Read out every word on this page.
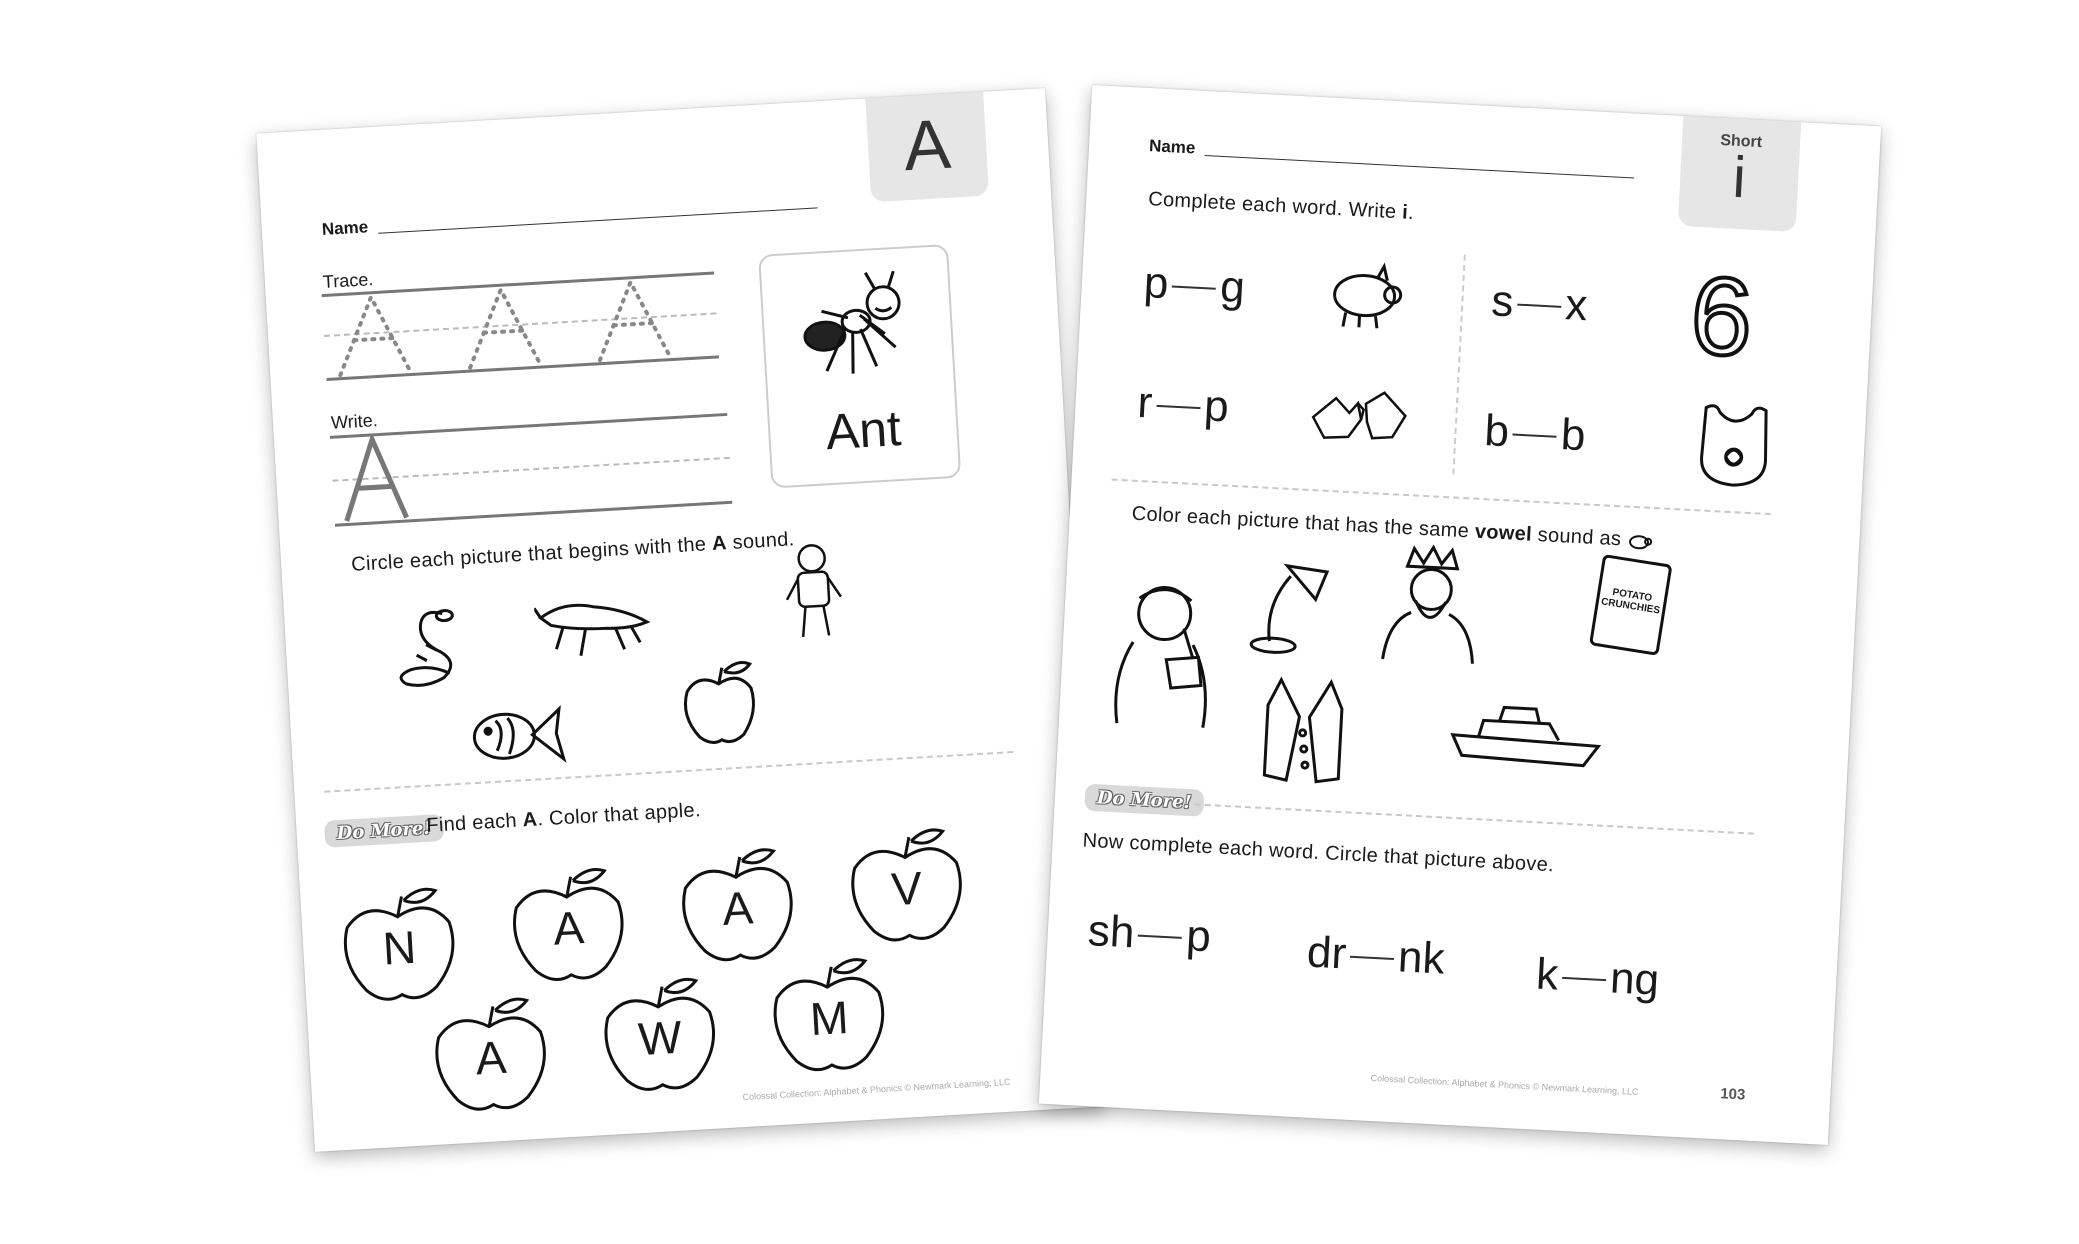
A
Name
Trace.
Write.	Ant
Circle each picture that begins with the A sound.
Do More!
Find each A. Color that apple.
N	A	A	V
A	W	M
Colossal Collection: Alphabet & Phonics © Newmark Learning, LLC
Name	Short
i
Complete each word. Write i.
p g	s x 6
r p	b b
Color each picture that has the same vowel sound as
POTATO CRUNCHIES
Do More!
Now complete each word. Circle that picture above.
sh p dr nk k ng
Colossal Collection: Alphabet & Phonics © Newmark Learning, LLC	103
